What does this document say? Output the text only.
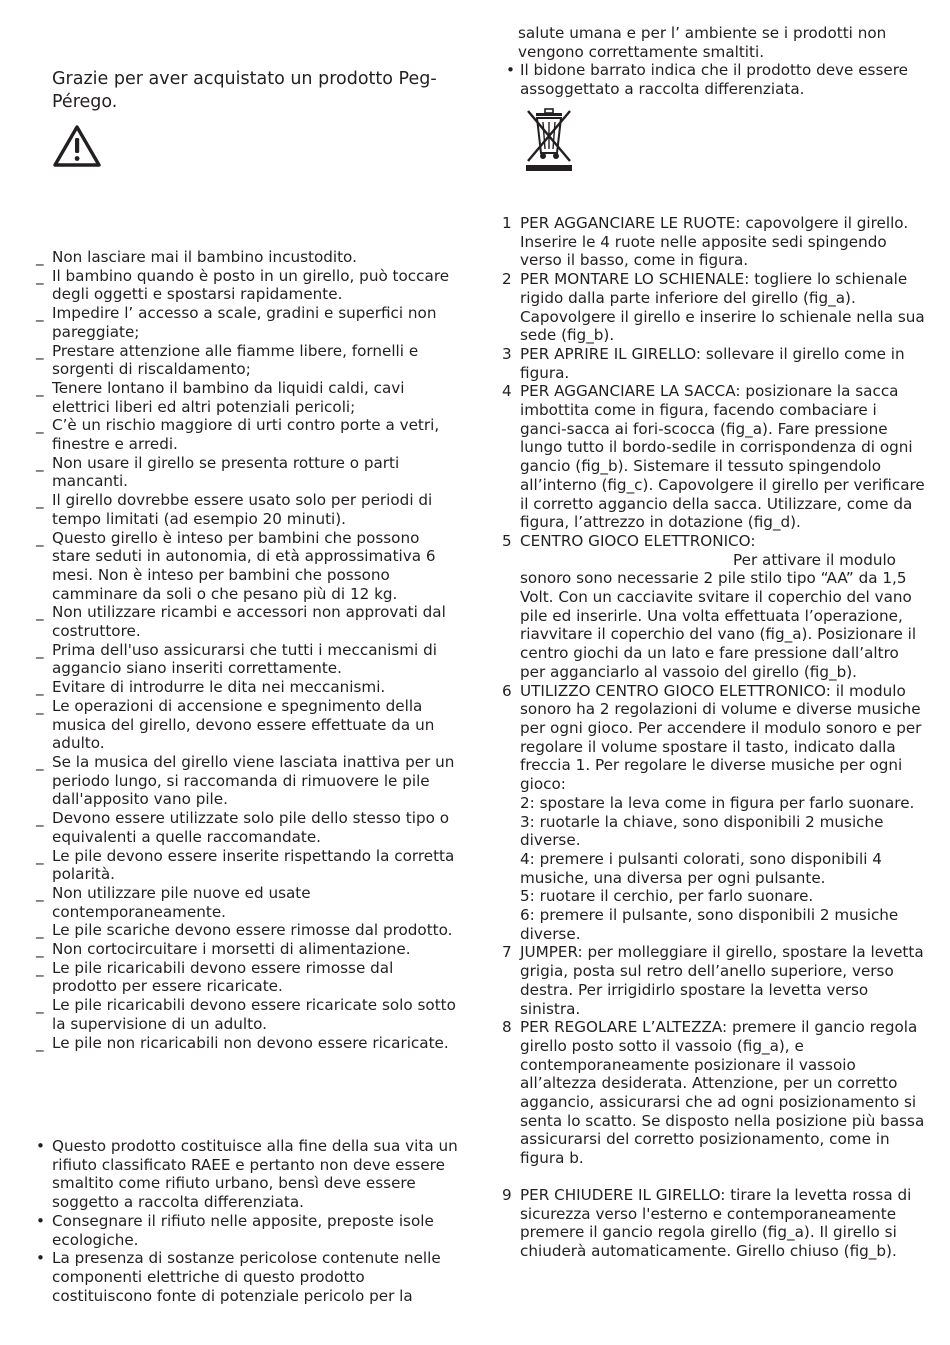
Grazie per aver acquistato un prodotto Peg-Pérego.
_ Non lasciare mai il bambino incustodito.
_ Il bambino quando è posto in un girello, può toccare degli oggetti e spostarsi rapidamente.
_ Impedire l’ accesso a scale, gradini e superfici non pareggiate;
_ Prestare attenzione alle fiamme libere, fornelli e sorgenti di riscaldamento;
_ Tenere lontano il bambino da liquidi caldi, cavi elettrici liberi ed altri potenziali pericoli;
_ C’è un rischio maggiore di urti contro porte a vetri, finestre e arredi.
_ Non usare il girello se presenta rotture o parti mancanti.
_ Il girello dovrebbe essere usato solo per periodi di tempo limitati (ad esempio 20 minuti).
_ Questo girello è inteso per bambini che possono stare seduti in autonomia, di età approssimativa 6 mesi. Non è inteso per bambini che possono camminare da soli o che pesano più di 12 kg.
_ Non utilizzare ricambi e accessori non approvati dal costruttore.
_ Prima dell'uso assicurarsi che tutti i meccanismi di aggancio siano inseriti correttamente.
_ Evitare di introdurre le dita nei meccanismi.
_ Le operazioni di accensione e spegnimento della musica del girello, devono essere effettuate da un adulto.
_ Se la musica del girello viene lasciata inattiva per un periodo lungo, si raccomanda di rimuovere le pile dall'apposito vano pile.
_ Devono essere utilizzate solo pile dello stesso tipo o equivalenti a quelle raccomandate.
_ Le pile devono essere inserite rispettando la corretta polarità.
_ Non utilizzare pile nuove ed usate contemporaneamente.
_ Le pile scariche devono essere rimosse dal prodotto.
_ Non cortocircuitare i morsetti di alimentazione.
_ Le pile ricaricabili devono essere rimosse dal prodotto per essere ricaricate.
_ Le pile ricaricabili devono essere ricaricate solo sotto la supervisione di un adulto.
_ Le pile non ricaricabili non devono essere ricaricate.
• Questo prodotto costituisce alla fine della sua vita un rifiuto classificato RAEE e pertanto non deve essere smaltito come rifiuto urbano, bensì deve essere soggetto a raccolta differenziata.
• Consegnare il rifiuto nelle apposite, preposte isole ecologiche.
• La presenza di sostanze pericolose contenute nelle componenti elettriche di questo prodotto costituiscono fonte di potenziale pericolo per la
salute umana e per l’ ambiente se i prodotti non vengono correttamente smaltiti.
• Il bidone barrato indica che il prodotto deve essere assoggettato a raccolta differenziata.
1 PER AGGANCIARE LE RUOTE: capovolgere il girello. Inserire le 4 ruote nelle apposite sedi spingendo verso il basso, come in figura.
2 PER MONTARE LO SCHIENALE: togliere lo schienale rigido dalla parte inferiore del girello (fig_a). Capovolgere il girello e inserire lo schienale nella sua sede (fig_b).
3 PER APRIRE IL GIRELLO: sollevare il girello come in figura.
4 PER AGGANCIARE LA SACCA: posizionare la sacca imbottita come in figura, facendo combaciare i ganci-sacca ai fori-scocca (fig_a). Fare pressione lungo tutto il bordo-sedile in corrispondenza di ogni gancio (fig_b). Sistemare il tessuto spingendolo all’interno (fig_c). Capovolgere il girello per verificare il corretto aggancio della sacca. Utilizzare, come da figura, l’attrezzo in dotazione (fig_d).
5 CENTRO GIOCO ELETTRONICO:
Per attivare il modulo
sonoro sono necessarie 2 pile stilo tipo “AA” da 1,5 Volt. Con un cacciavite svitare il coperchio del vano pile ed inserirle. Una volta effettuata l’operazione, riavvitare il coperchio del vano (fig_a). Posizionare il centro giochi da un lato e fare pressione dall’altro per agganciarlo al vassoio del girello (fig_b).
6 UTILIZZO CENTRO GIOCO ELETTRONICO: il modulo sonoro ha 2 regolazioni di volume e diverse musiche per ogni gioco. Per accendere il modulo sonoro e per regolare il volume spostare il tasto, indicato dalla freccia 1. Per regolare le diverse musiche per ogni gioco:
2: spostare la leva come in figura per farlo suonare.
3: ruotarle la chiave, sono disponibili 2 musiche diverse.
4: premere i pulsanti colorati, sono disponibili 4 musiche, una diversa per ogni pulsante.
5: ruotare il cerchio, per farlo suonare.
6: premere il pulsante, sono disponibili 2 musiche diverse.
7 JUMPER: per molleggiare il girello, spostare la levetta grigia, posta sul retro dell’anello superiore, verso destra. Per irrigidirlo spostare la levetta verso sinistra.
8 PER REGOLARE L’ALTEZZA: premere il gancio regola girello posto sotto il vassoio (fig_a), e contemporaneamente posizionare il vassoio all’altezza desiderata. Attenzione, per un corretto aggancio, assicurarsi che ad ogni posizionamento si senta lo scatto. Se disposto nella posizione più bassa assicurarsi del corretto posizionamento, come in figura b.
9 PER CHIUDERE IL GIRELLO: tirare la levetta rossa di sicurezza verso l'esterno e contemporaneamente premere il gancio regola girello (fig_a). Il girello si chiuderà automaticamente. Girello chiuso (fig_b).
